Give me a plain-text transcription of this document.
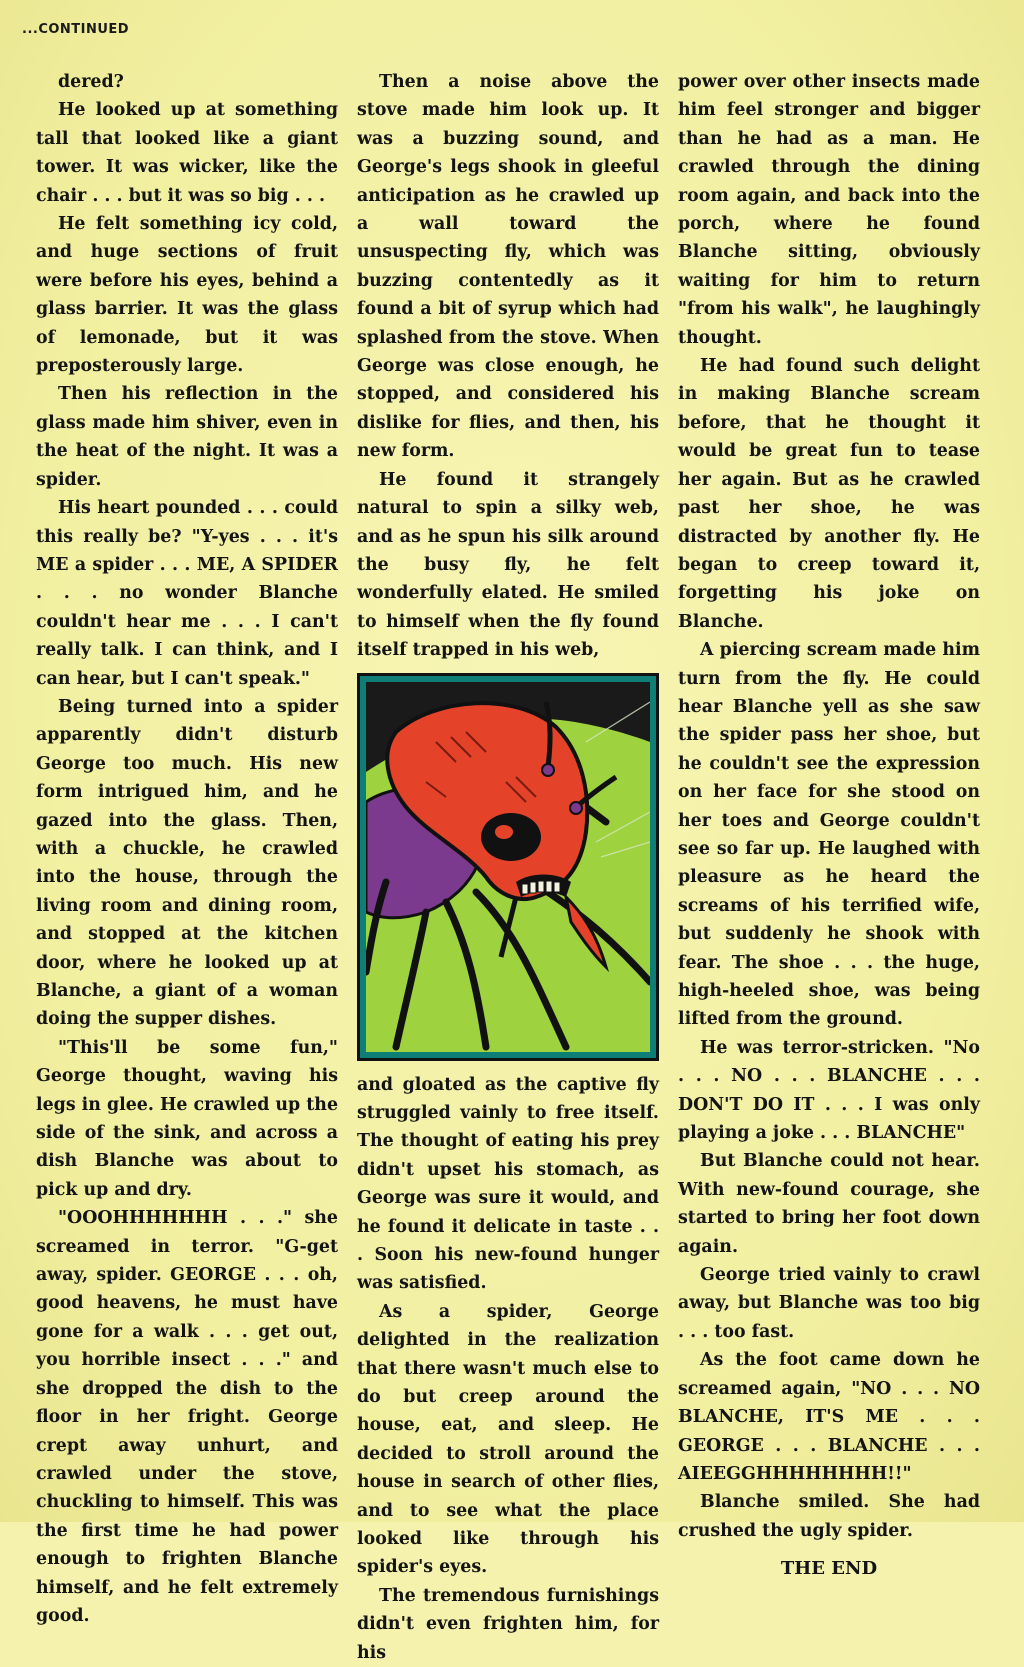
...CONTINUED

dered?

He looked up at something tall that looked like a giant tower. It was wicker, like the chair . . . but it was so big . . .

He felt something icy cold, and huge sections of fruit were before his eyes, behind a glass barrier. It was the glass of lemonade, but it was preposterously large.

Then his reflection in the glass made him shiver, even in the heat of the night. It was a spider.

His heart pounded . . . could this really be? "Y-yes . . . it's ME a spider . . . ME, A SPIDER . . . no wonder Blanche couldn't hear me . . . I can't really talk. I can think, and I can hear, but I can't speak."

Being turned into a spider apparently didn't disturb George too much. His new form intrigued him, and he gazed into the glass. Then, with a chuckle, he crawled into the house, through the living room and dining room, and stopped at the kitchen door, where he looked up at Blanche, a giant of a woman doing the supper dishes.

"This'll be some fun," George thought, waving his legs in glee. He crawled up the side of the sink, and across a dish Blanche was about to pick up and dry.

"OOOHHHHHHH . . ." she screamed in terror. "G-get away, spider. GEORGE . . . oh, good heavens, he must have gone for a walk . . . get out, you horrible insect . . ." and she dropped the dish to the floor in her fright. George crept away unhurt, and crawled under the stove, chuckling to himself. This was the first time he had power enough to frighten Blanche himself, and he felt extremely good.

Then a noise above the stove made him look up. It was a buzzing sound, and George's legs shook in gleeful anticipation as he crawled up a wall toward the unsuspecting fly, which was buzzing contentedly as it found a bit of syrup which had splashed from the stove. When George was close enough, he stopped, and considered his dislike for flies, and then, his new form.

He found it strangely natural to spin a silky web, and as he spun his silk around the busy fly, he felt wonderfully elated. He smiled to himself when the fly found itself trapped in his web,

and gloated as the captive fly struggled vainly to free itself. The thought of eating his prey didn't upset his stomach, as George was sure it would, and he found it delicate in taste . . . Soon his new-found hunger was satisfied.

As a spider, George delighted in the realization that there wasn't much else to do but creep around the house, eat, and sleep. He decided to stroll around the house in search of other flies, and to see what the place looked like through his spider's eyes.

The tremendous furnishings didn't even frighten him, for his

power over other insects made him feel stronger and bigger than he had as a man. He crawled through the dining room again, and back into the porch, where he found Blanche sitting, obviously waiting for him to return "from his walk", he laughingly thought.

He had found such delight in making Blanche scream before, that he thought it would be great fun to tease her again. But as he crawled past her shoe, he was distracted by another fly. He began to creep toward it, forgetting his joke on Blanche.

A piercing scream made him turn from the fly. He could hear Blanche yell as she saw the spider pass her shoe, but he couldn't see the expression on her face for she stood on her toes and George couldn't see so far up. He laughed with pleasure as he heard the screams of his terrified wife, but suddenly he shook with fear. The shoe . . . the huge, high-heeled shoe, was being lifted from the ground.

He was terror-stricken. "No . . . NO . . . BLANCHE . . . DON'T DO IT . . . I was only playing a joke . . . BLANCHE"

But Blanche could not hear. With new-found courage, she started to bring her foot down again.

George tried vainly to crawl away, but Blanche was too big . . . too fast.

As the foot came down he screamed again, "NO . . . NO BLANCHE, IT'S ME . . . GEORGE . . . BLANCHE . . . AIEEGGHHHHHHHH!!"

Blanche smiled. She had crushed the ugly spider.

THE END
